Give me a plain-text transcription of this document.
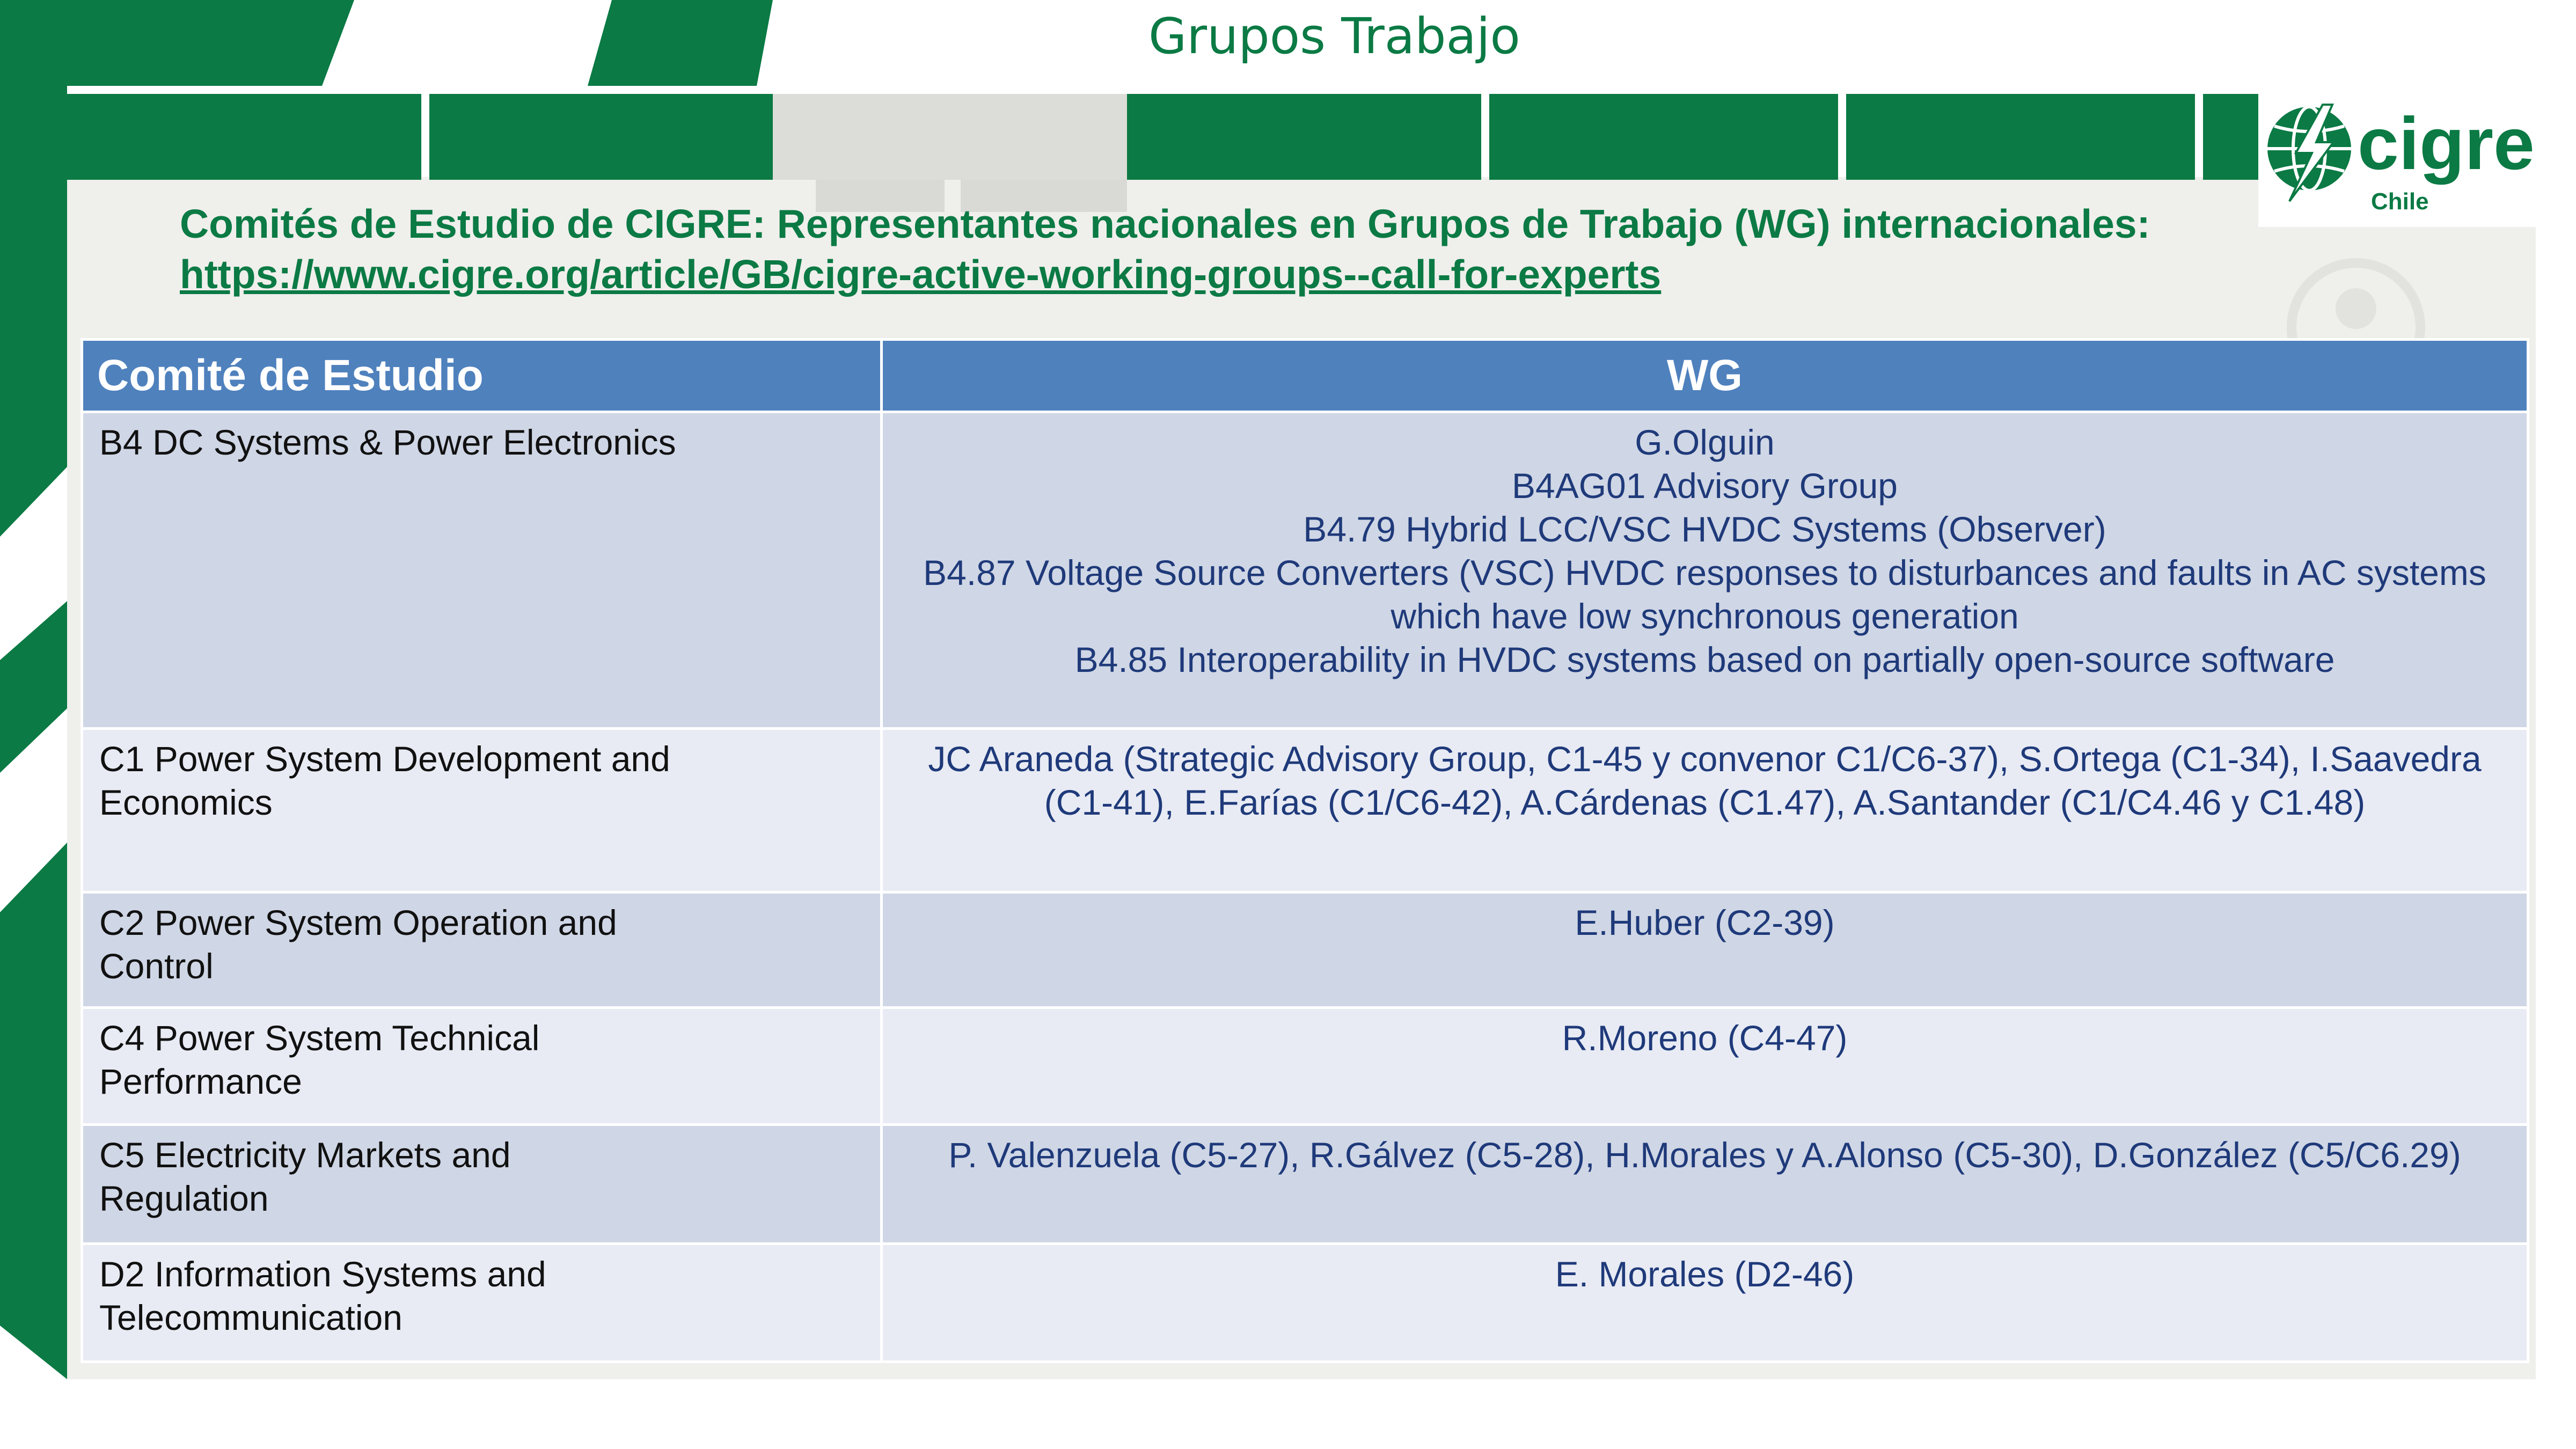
Grupos Trabajo
cigre
Chile
Comités de Estudio de CIGRE: Representantes nacionales en Grupos de Trabajo (WG) internacionales:
https://www.cigre.org/article/GB/cigre-active-working-groups--call-for-experts
Comité de Estudio	WG
B4 DC Systems & Power Electronics	G.Olguin
B4AG01 Advisory Group
B4.79 Hybrid LCC/VSC HVDC Systems (Observer)
B4.87 Voltage Source Converters (VSC) HVDC responses to disturbances and faults in AC systems which have low synchronous generation
B4.85 Interoperability in HVDC systems based on partially open-source software
C1 Power System Development and
Economics	JC Araneda (Strategic Advisory Group, C1-45 y convenor C1/C6-37), S.Ortega (C1-34), I.Saavedra (C1-41), E.Farías (C1/C6-42), A.Cárdenas (C1.47), A.Santander (C1/C4.46 y C1.48)
C2 Power System Operation and
Control	E.Huber (C2-39)
C4 Power System Technical
Performance	R.Moreno (C4-47)
C5 Electricity Markets and
Regulation	P. Valenzuela (C5-27), R.Gálvez (C5-28), H.Morales y A.Alonso (C5-30), D.González (C5/C6.29)
D2 Information Systems and
Telecommunication	E. Morales (D2-46)
